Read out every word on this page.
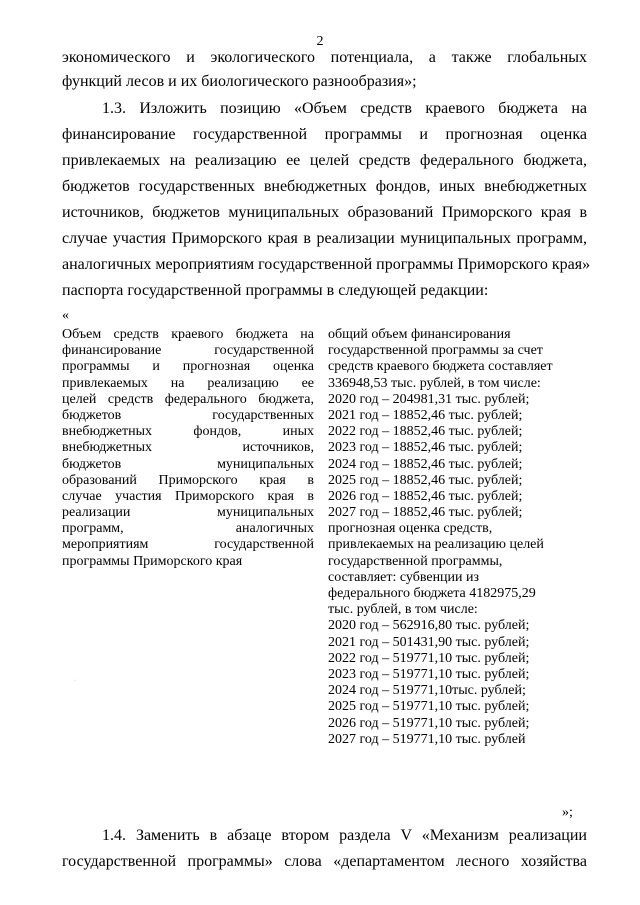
2
экономического и экологического потенциала, а также глобальных
функций лесов и их биологического разнообразия»;
1.3. Изложить позицию «Объем средств краевого бюджета на
финансирование государственной программы и прогнозная оценка
привлекаемых на реализацию ее целей средств федерального бюджета,
бюджетов государственных внебюджетных фондов, иных внебюджетных
источников, бюджетов муниципальных образований Приморского края в
случае участия Приморского края в реализации муниципальных программ,
аналогичных мероприятиям государственной программы Приморского края»
паспорта государственной программы в следующей редакции:
«
Объем средств краевого бюджета на
финансирование государственной
программы и прогнозная оценка
привлекаемых на реализацию ее
целей средств федерального бюджета,
бюджетов государственных
внебюджетных фондов, иных
внебюджетных источников,
бюджетов муниципальных
образований Приморского края в
случае участия Приморского края в
реализации муниципальных
программ, аналогичных
мероприятиям государственной
программы Приморского края
общий объем финансирования
государственной программы за счет
средств краевого бюджета составляет
336948,53 тыс. рублей, в том числе:
2020 год – 204981,31 тыс. рублей;
2021 год – 18852,46 тыс. рублей;
2022 год – 18852,46 тыс. рублей;
2023 год – 18852,46 тыс. рублей;
2024 год – 18852,46 тыс. рублей;
2025 год – 18852,46 тыс. рублей;
2026 год – 18852,46 тыс. рублей;
2027 год – 18852,46 тыс. рублей;
прогнозная оценка средств,
привлекаемых на реализацию целей
государственной программы,
составляет: субвенции из
федерального бюджета 4182975,29
тыс. рублей, в том числе:
2020 год – 562916,80 тыс. рублей;
2021 год – 501431,90 тыс. рублей;
2022 год – 519771,10 тыс. рублей;
2023 год – 519771,10 тыс. рублей;
2024 год – 519771,10тыс. рублей;
2025 год – 519771,10 тыс. рублей;
2026 год – 519771,10 тыс. рублей;
2027 год – 519771,10 тыс. рублей
»;
1.4. Заменить в абзаце втором раздела V «Механизм реализации
государственной программы» слова «департаментом лесного хозяйства
·
